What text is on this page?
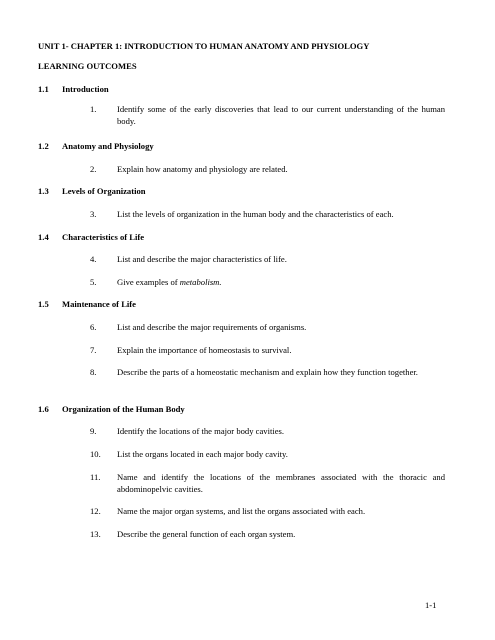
UNIT 1- CHAPTER 1: INTRODUCTION TO HUMAN ANATOMY AND PHYSIOLOGY
LEARNING OUTCOMES
1.1 Introduction
1. Identify some of the early discoveries that lead to our current understanding of the human body.
1.2 Anatomy and Physiology
2. Explain how anatomy and physiology are related.
1.3 Levels of Organization
3. List the levels of organization in the human body and the characteristics of each.
1.4 Characteristics of Life
4. List and describe the major characteristics of life.
5. Give examples of metabolism.
1.5 Maintenance of Life
6. List and describe the major requirements of organisms.
7. Explain the importance of homeostasis to survival.
8. Describe the parts of a homeostatic mechanism and explain how they function together.
1.6 Organization of the Human Body
9. Identify the locations of the major body cavities.
10. List the organs located in each major body cavity.
11. Name and identify the locations of the membranes associated with the thoracic and abdominopelvic cavities.
12. Name the major organ systems, and list the organs associated with each.
13. Describe the general function of each organ system.
1-1
